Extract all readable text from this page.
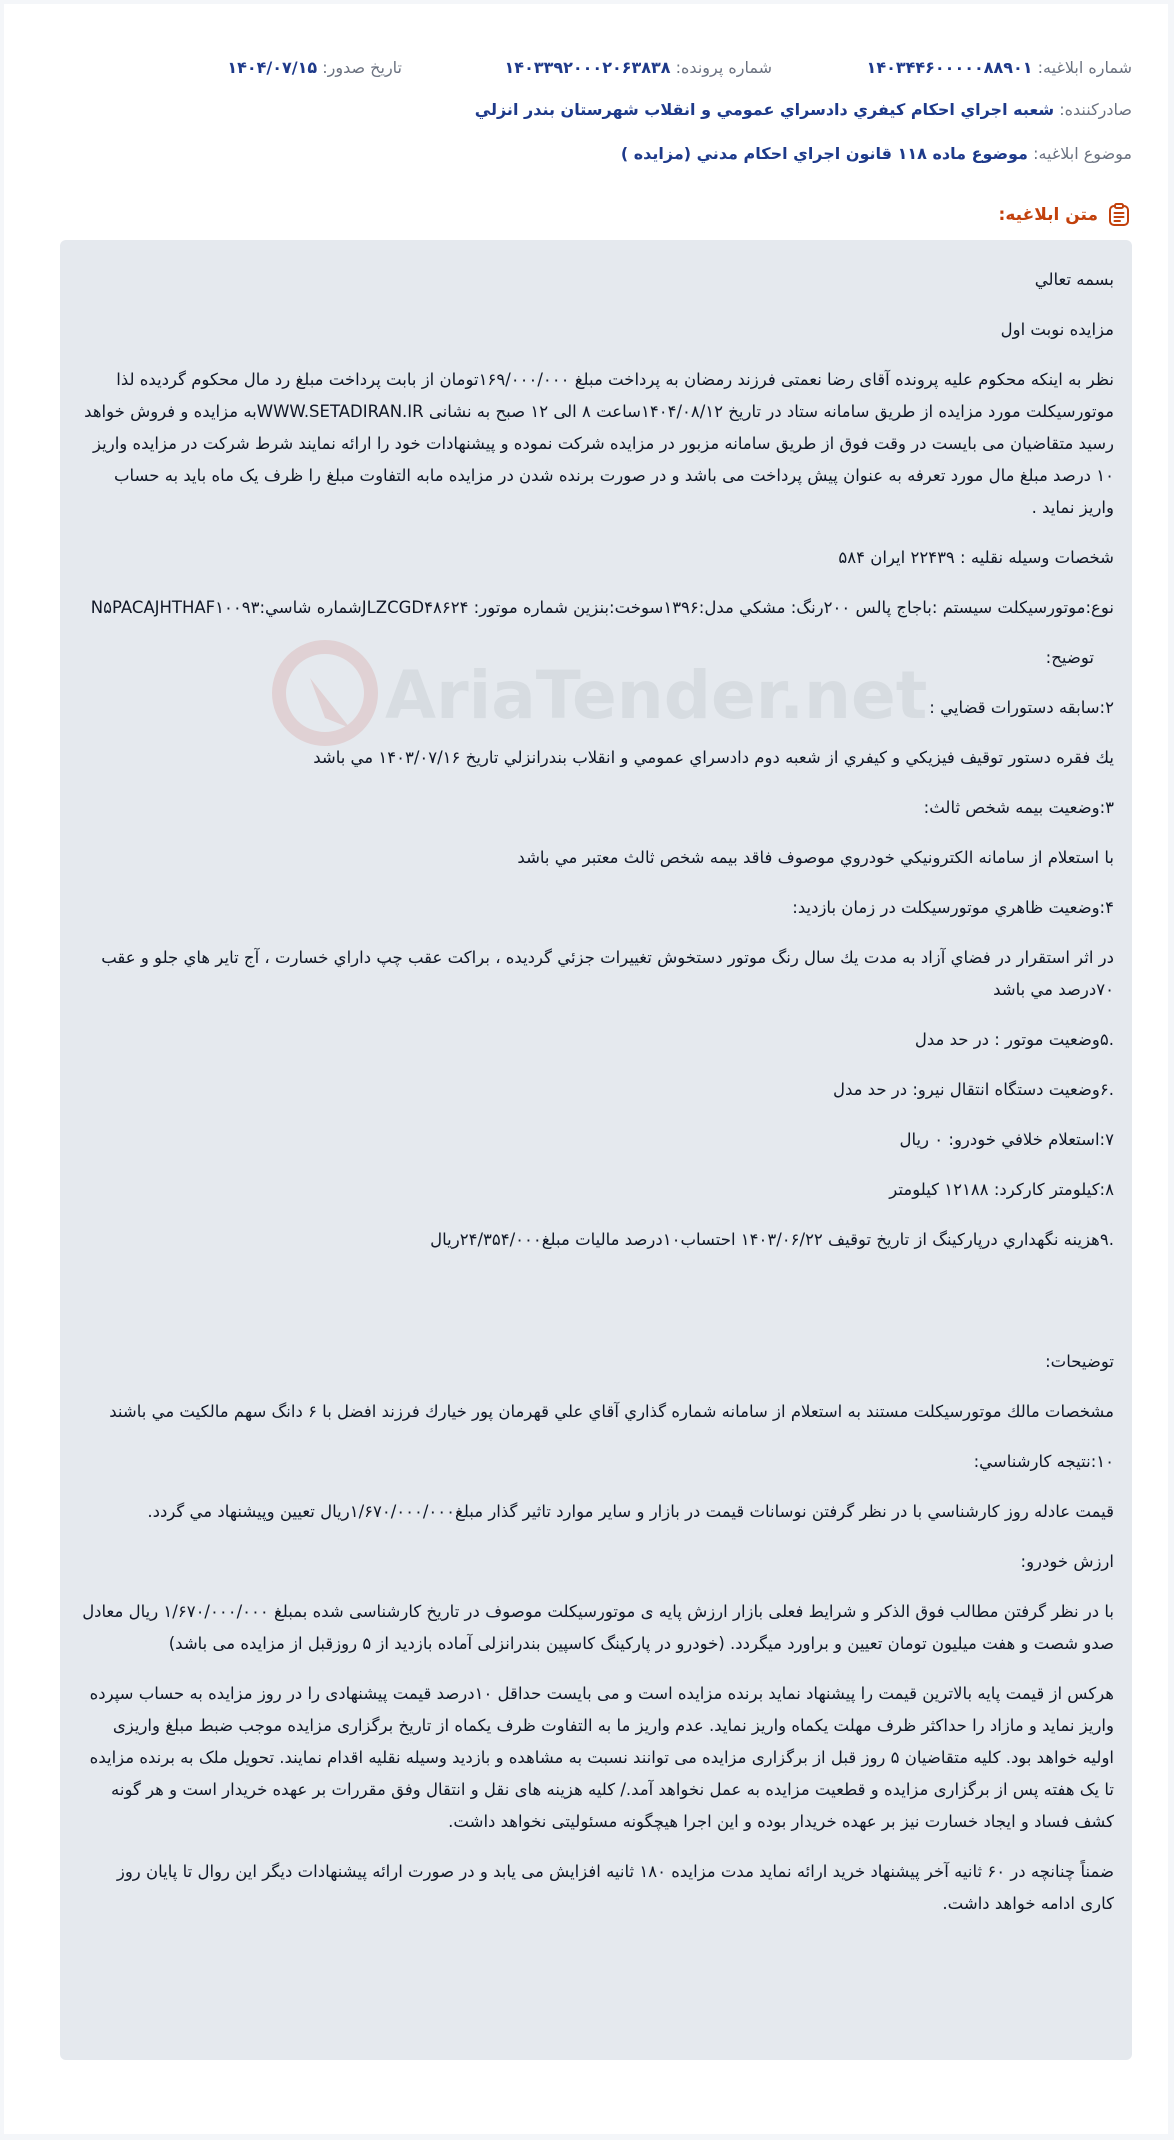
شماره ابلاغیه: ۱۴۰۳۴۴۶۰۰۰۰۰۸۸۹۰۱
شماره پرونده: ۱۴۰۳۳۹۲۰۰۰۲۰۶۳۸۳۸
تاریخ صدور: ۱۴۰۴/۰۷/۱۵
صادرکننده: شعبه اجراي احكام كيفري دادسراي عمومي و انقلاب شهرستان بندر انزلي
موضوع ابلاغیه: موضوع ماده ۱۱۸ قانون اجراي احكام مدني (مزايده )
متن ابلاغیه:
AriaTender.net

بسمه تعالي

مزايده نوبت اول

نظر به اینکه محکوم علیه پرونده آقای رضا نعمتی فرزند رمضان به پرداخت مبلغ ۱۶۹/۰۰۰/۰۰۰تومان از بابت پرداخت مبلغ رد مال محکوم گردیده لذا موتورسیکلت مورد مزایده از طریق سامانه ستاد در تاریخ ۱۴۰۴/۰۸/۱۲ساعت ۸ الی ۱۲ صبح به نشانی WWW.SETADIRAN.IRبه مزایده و فروش خواهد رسید متقاضیان می بایست در وقت فوق از طریق سامانه مزبور در مزایده شرکت نموده و پیشنهادات خود را ارائه نمایند شرط شرکت در مزایده واریز ۱۰ درصد مبلغ مال مورد تعرفه به عنوان پیش پرداخت می باشد و در صورت برنده شدن در مزایده مابه التفاوت مبلغ را ظرف یک ماه باید به حساب واریز نماید .

شخصات وسیله نقلیه : ۲۲۴۳۹ ایران ۵۸۴

نوع:موتورسيكلت سيستم :باجاج پالس ۲۰۰رنگ: مشكي مدل:۱۳۹۶سوخت:بنزين شماره موتور: JLZCGD۴۸۶۲۴شماره شاسي:N۵PACAJHTHAF۱۰۰۹۳

توضیح:

۲:سابقه دستورات قضايي :

يك فقره دستور توقيف فيزيكي و كيفري از شعبه دوم دادسراي عمومي و انقلاب بندرانزلي تاريخ ۱۴۰۳/۰۷/۱۶ مي باشد

۳:وضعيت بيمه شخص ثالث:

با استعلام از سامانه الكترونيكي خودروي موصوف فاقد بيمه شخص ثالث معتبر مي باشد

۴:وضعيت ظاهري موتورسيكلت در زمان بازديد:

در اثر استقرار در فضاي آزاد به مدت يك سال رنگ موتور دستخوش تغييرات جزئي گرديده ، براكت عقب چپ داراي خسارت ، آج تاير هاي جلو و عقب ۷۰درصد مي باشد

.۵وضعيت موتور : در حد مدل

.۶وضعيت دستگاه انتقال نيرو: در حد مدل

۷:استعلام خلافي خودرو: ۰ ريال

۸:كيلومتر كاركرد: ۱۲۱۸۸ كيلومتر

.۹هزينه نگهداري درپاركينگ از تاريخ توقيف ۱۴۰۳/۰۶/۲۲ احتساب۱۰درصد ماليات مبلغ۲۴/۳۵۴/۰۰۰ريال

توضیحات:

مشخصات مالك موتورسيكلت مستند به استعلام از سامانه شماره گذاري آقاي علي قهرمان پور خيارك فرزند افضل با ۶ دانگ سهم مالكيت مي باشند

۱۰:نتيجه كارشناسي:

قيمت عادله روز كارشناسي با در نظر گرفتن نوسانات قيمت در بازار و ساير موارد تاثير گذار مبلغ۱/۶۷۰/۰۰۰/۰۰۰ريال تعيين وپيشنهاد مي گردد.

ارزش خودرو:

با در نظر گرفتن مطالب فوق الذکر و شرایط فعلی بازار ارزش پایه ی موتورسیکلت موصوف در تاریخ کارشناسی شده بمبلغ ۱/۶۷۰/۰۰۰/۰۰۰ ریال معادل صدو شصت و هفت میلیون تومان تعیین و براورد میگردد. (خودرو در پارکینگ کاسپین بندرانزلی آماده بازدید از ۵ روزقبل از مزایده می باشد)

هرکس از قیمت پایه بالاترین قیمت را پیشنهاد نماید برنده مزایده است و می بایست حداقل ۱۰درصد قیمت پیشنهادی را در روز مزایده به حساب سپرده واریز نماید و مازاد را حداکثر ظرف مهلت یکماه واریز نماید. عدم واریز ما به التفاوت ظرف یکماه از تاریخ برگزاری مزایده موجب ضبط مبلغ واریزی اولیه خواهد بود. کلیه متقاضیان ۵ روز قبل از برگزاری مزایده می توانند نسبت به مشاهده و بازدید وسیله نقلیه اقدام نمایند. تحویل ملک به برنده مزایده تا یک هفته پس از برگزاری مزایده و قطعیت مزایده به عمل نخواهد آمد./ کلیه هزینه های نقل و انتقال وفق مقررات بر عهده خریدار است و هر گونه کشف فساد و ایجاد خسارت نیز بر عهده خریدار بوده و این اجرا هیچگونه مسئولیتی نخواهد داشت.

ضمناً چنانچه در ۶۰ ثانیه آخر پیشنهاد خرید ارائه نماید مدت مزایده ۱۸۰ ثانیه افزایش می یابد و در صورت ارائه پیشنهادات دیگر این روال تا پایان روز کاری ادامه خواهد داشت.
